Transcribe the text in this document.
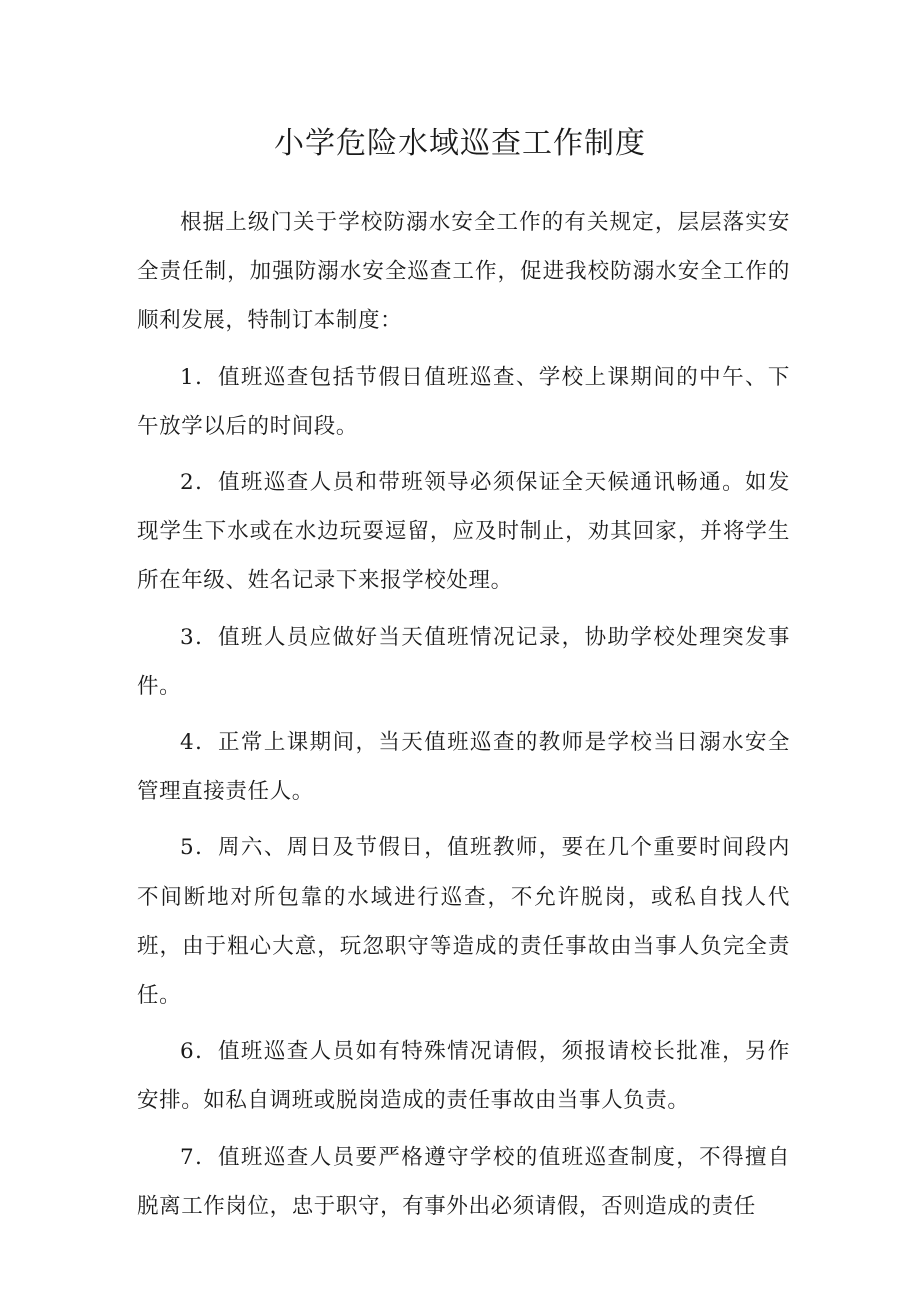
小学危险水域巡查工作制度

根据上级门关于学校防溺水安全工作的有关规定，层层落实安全责任制，加强防溺水安全巡查工作，促进我校防溺水安全工作的顺利发展，特制订本制度：

1．值班巡查包括节假日值班巡查、学校上课期间的中午、下午放学以后的时间段。

2．值班巡查人员和带班领导必须保证全天候通讯畅通。如发现学生下水或在水边玩耍逗留，应及时制止，劝其回家，并将学生所在年级、姓名记录下来报学校处理。

3．值班人员应做好当天值班情况记录，协助学校处理突发事件。

4．正常上课期间，当天值班巡查的教师是学校当日溺水安全管理直接责任人。

5．周六、周日及节假日，值班教师，要在几个重要时间段内不间断地对所包靠的水域进行巡查，不允许脱岗，或私自找人代班，由于粗心大意，玩忽职守等造成的责任事故由当事人负完全责任。

6．值班巡查人员如有特殊情况请假，须报请校长批准，另作安排。如私自调班或脱岗造成的责任事故由当事人负责。

7．值班巡查人员要严格遵守学校的值班巡查制度，不得擅自脱离工作岗位，忠于职守，有事外出必须请假，否则造成的责任
